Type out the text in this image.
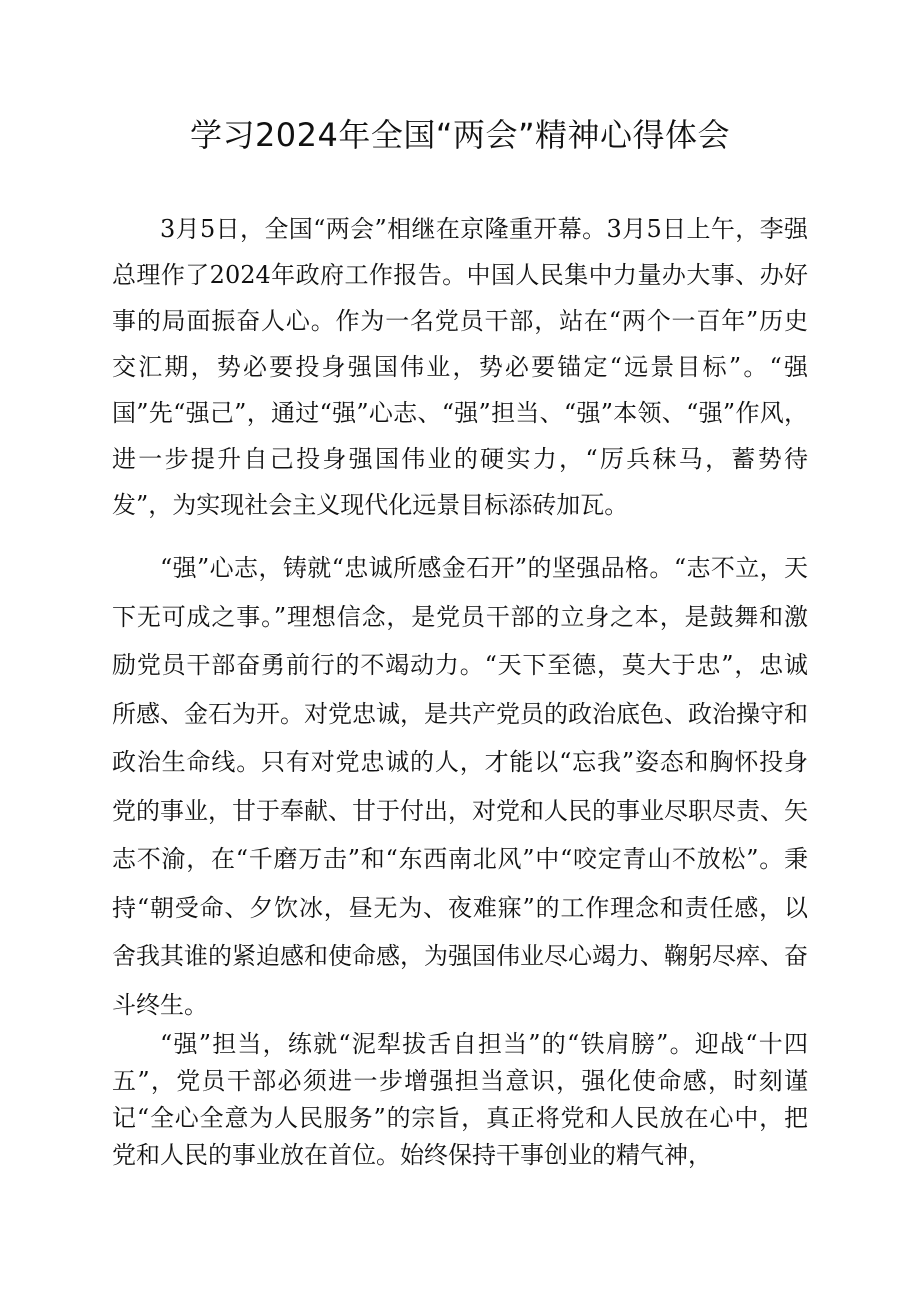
学习2024年全国“两会”精神心得体会

3月5日，全国“两会”相继在京隆重开幕。3月5日上午，李强总理作了2024年政府工作报告。中国人民集中力量办大事、办好事的局面振奋人心。作为一名党员干部，站在“两个一百年”历史交汇期，势必要投身强国伟业，势必要锚定“远景目标”。“强国”先“强己”，通过“强”心志、“强”担当、“强”本领、“强”作风，进一步提升自己投身强国伟业的硬实力，“厉兵秣马，蓄势待发”，为实现社会主义现代化远景目标添砖加瓦。

“强”心志，铸就“忠诚所感金石开”的坚强品格。“志不立，天下无可成之事。”理想信念，是党员干部的立身之本，是鼓舞和激励党员干部奋勇前行的不竭动力。“天下至德，莫大于忠”，忠诚所感、金石为开。对党忠诚，是共产党员的政治底色、政治操守和政治生命线。只有对党忠诚的人，才能以“忘我”姿态和胸怀投身党的事业，甘于奉献、甘于付出，对党和人民的事业尽职尽责、矢志不渝，在“千磨万击”和“东西南北风”中“咬定青山不放松”。秉持“朝受命、夕饮冰，昼无为、夜难寐”的工作理念和责任感，以舍我其谁的紧迫感和使命感，为强国伟业尽心竭力、鞠躬尽瘁、奋斗终生。

“强”担当，练就“泥犁拔舌自担当”的“铁肩膀”。迎战“十四五”，党员干部必须进一步增强担当意识，强化使命感，时刻谨记“全心全意为人民服务”的宗旨，真正将党和人民放在心中，把党和人民的事业放在首位。始终保持干事创业的精气神，
